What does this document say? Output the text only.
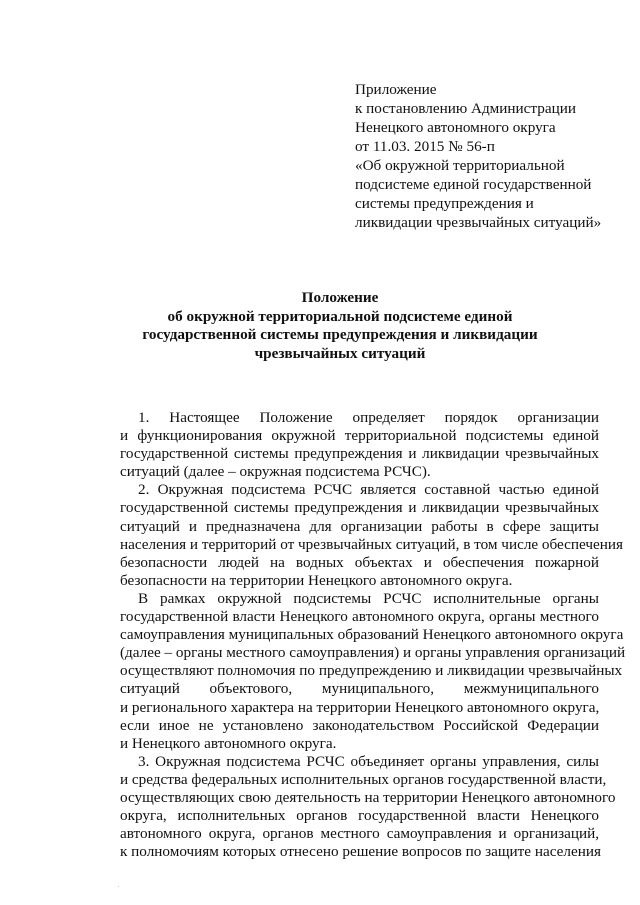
Приложение
к постановлению Администрации
Ненецкого автономного округа
от 11.03. 2015 № 56-п
«Об окружной территориальной
подсистеме единой государственной
системы предупреждения и
ликвидации чрезвычайных ситуаций»
Положение
об окружной территориальной подсистеме единой
государственной системы предупреждения и ликвидации
чрезвычайных ситуаций
1. Настоящее Положение определяет порядок организации
и функционирования окружной территориальной подсистемы единой
государственной системы предупреждения и ликвидации чрезвычайных
ситуаций (далее – окружная подсистема РСЧС).
2. Окружная подсистема РСЧС является составной частью единой
государственной системы предупреждения и ликвидации чрезвычайных
ситуаций и предназначена для организации работы в сфере защиты
населения и территорий от чрезвычайных ситуаций, в том числе обеспечения
безопасности людей на водных объектах и обеспечения пожарной
безопасности на территории Ненецкого автономного округа.
В рамках окружной подсистемы РСЧС исполнительные органы
государственной власти Ненецкого автономного округа, органы местного
самоуправления муниципальных образований Ненецкого автономного округа
(далее – органы местного самоуправления) и органы управления организаций
осуществляют полномочия по предупреждению и ликвидации чрезвычайных
ситуаций объектового, муниципального, межмуниципального
и регионального характера на территории Ненецкого автономного округа,
если иное не установлено законодательством Российской Федерации
и Ненецкого автономного округа.
3. Окружная подсистема РСЧС объединяет органы управления, силы
и средства федеральных исполнительных органов государственной власти,
осуществляющих свою деятельность на территории Ненецкого автономного
округа, исполнительных органов государственной власти Ненецкого
автономного округа, органов местного самоуправления и организаций,
к полномочиям которых отнесено решение вопросов по защите населения
